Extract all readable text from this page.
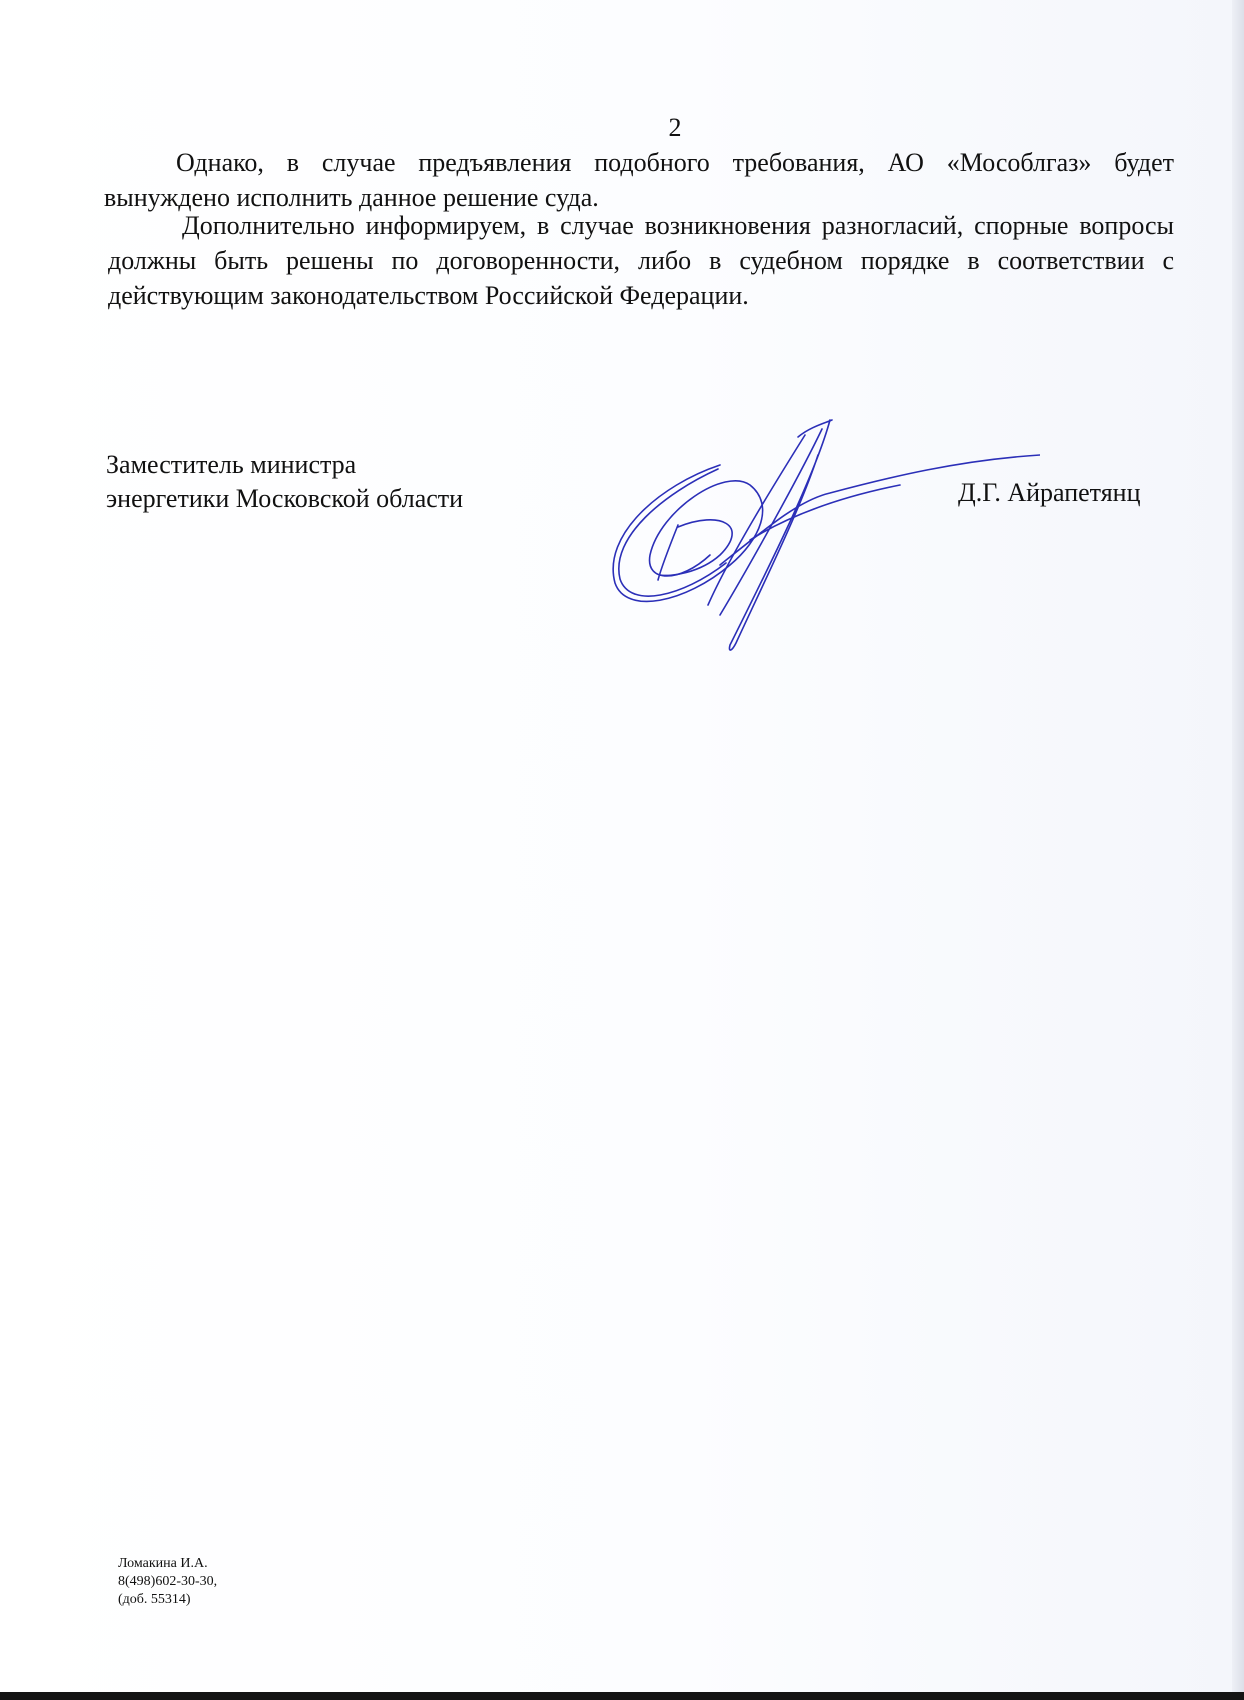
2

Однако, в случае предъявления подобного требования, АО «Мособлгаз» будет вынуждено исполнить данное решение суда.

Дополнительно информируем, в случае возникновения разногласий, спорные вопросы должны быть решены по договоренности, либо в судебном порядке в соответствии с действующим законодательством Российской Федерации.

Заместитель министра
энергетики Московской области	Д.Г. Айрапетянц
Ломакина И.А.
8(498)602-30-30,
(доб. 55314)
